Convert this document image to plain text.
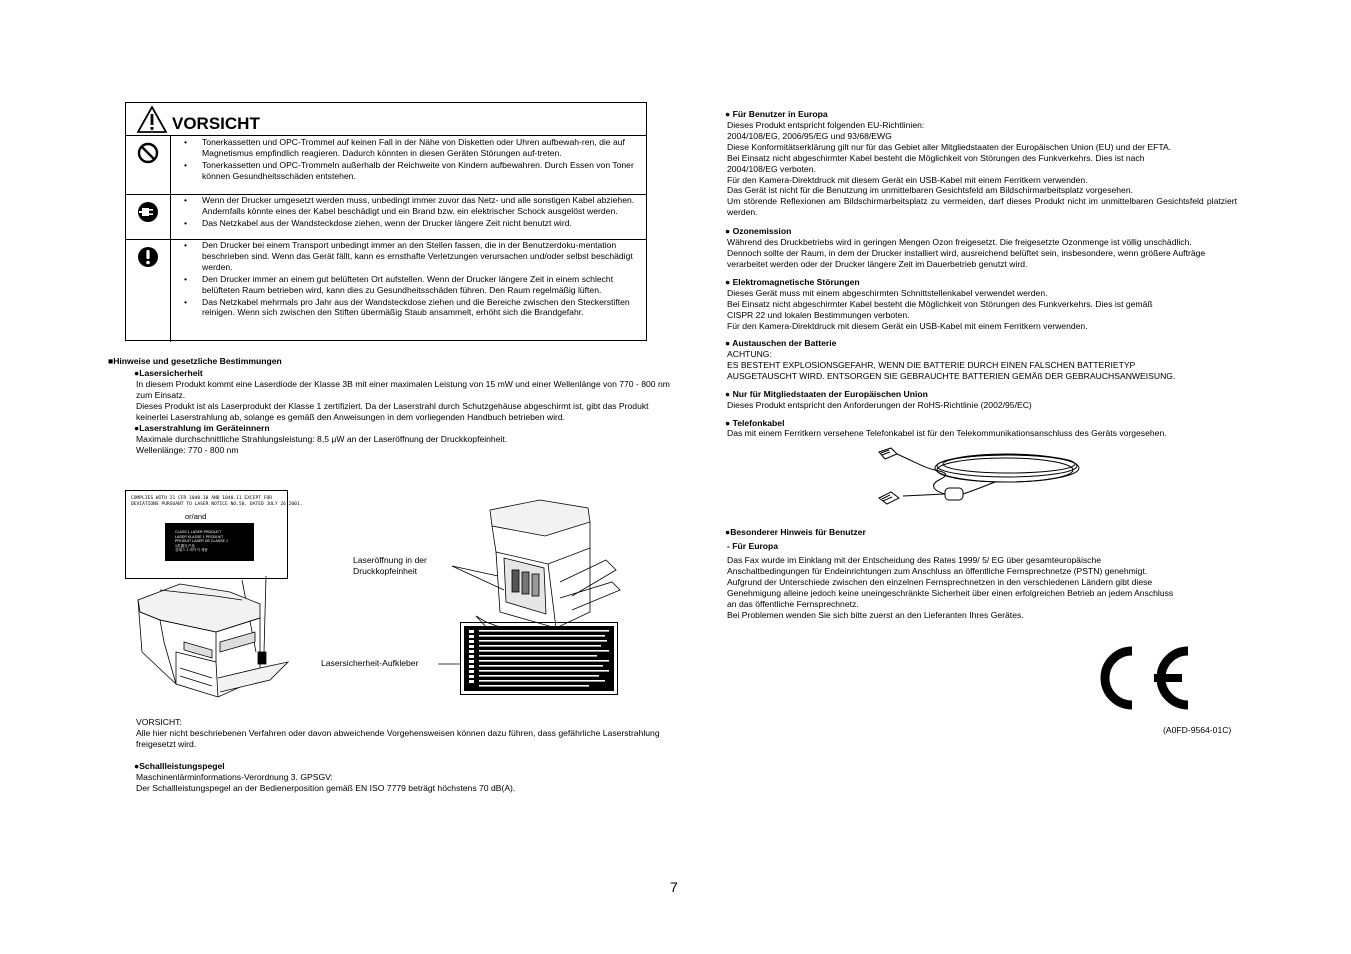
VORSICHT
• Tonerkassetten und OPC-Trommel auf keinen Fall in der Nähe von Disketten oder Uhren aufbewah-ren, die auf Magnetismus empfindlich reagieren. Dadurch könnten in diesen Geräten Störungen auf-treten.
• Tonerkassetten und OPC-Trommeln außerhalb der Reichweite von Kindern aufbewahren. Durch Essen von Toner können Gesundheitsschäden entstehen.
• Wenn der Drucker umgesetzt werden muss, unbedingt immer zuvor das Netz- und alle sonstigen Kabel abziehen. Andernfalls könnte eines der Kabel beschädigt und ein Brand bzw. ein elektrischer Schock ausgelöst werden.
• Das Netzkabel aus der Wandsteckdose ziehen, wenn der Drucker längere Zeit nicht benutzt wird.
• Den Drucker bei einem Transport unbedingt immer an den Stellen fassen, die in der Benutzerdoku-mentation beschrieben sind. Wenn das Gerät fällt, kann es ernsthafte Verletzungen verursachen und/oder selbst beschädigt werden.
• Den Drucker immer an einem gut belüfteten Ort aufstellen. Wenn der Drucker längere Zeit in einem schlecht belüfteten Raum betrieben wird, kann dies zu Gesundheitsschäden führen. Den Raum regelmäßig lüften.
• Das Netzkabel mehrmals pro Jahr aus der Wandsteckdose ziehen und die Bereiche zwischen den Steckerstiften reinigen. Wenn sich zwischen den Stiften übermäßig Staub ansammelt, erhöht sich die Brandgefahr.
■Hinweise und gesetzliche Bestimmungen
●Lasersicherheit

In diesem Produkt kommt eine Laserdiode der Klasse 3B mit einer maximalen Leistung von 15 mW und einer Wellenlänge von 770 - 800 nm zum Einsatz.

Dieses Produkt ist als Laserprodukt der Klasse 1 zertifiziert. Da der Laserstrahl durch Schutzgehäuse abgeschirmt ist, gibt das Produkt keinerlei Laserstrahlung ab, solange es gemäß den Anweisungen in dem vorliegenden Handbuch betrieben wird.

●Laserstrahlung im Geräteinnern

Maximale durchschnittliche Strahlungsleistung: 8,5 μW an der Laseröffnung der Druckkopfeinheit.

Wellenlänge: 770 - 800 nm

COMPLIES WITH 21 CFR 1040.10 AND 1040.11 EXCEPT FOR
DEVIATIONS PURSUANT TO LASER NOTICE NO.50, DATED JULY 26,2001.
or/and
CLASS 1 LASER PRODUCT
LASER KLASSE 1 PRODUKT
PRODUIT LASER DE CLASSE 1
1类激光产品
클래스 1 레이저 제품

Laseröffnung in der

Druckkopfeinheit

Lasersicherheit-Aufkleber
VORSICHT:
Alle hier nicht beschriebenen Verfahren oder davon abweichende Vorgehensweisen können dazu führen, dass gefährliche Laserstrahlung freigesetzt wird.
●Schallleistungspegel

Maschinenlärminformations-Verordnung 3. GPSGV:

Der Schallleistungspegel an der Bedienerposition gemäß EN ISO 7779 beträgt höchstens 70 dB(A).

● Für Benutzer in Europa

Dieses Produkt entspricht folgenden EU-Richtlinien:

2004/108/EG, 2006/95/EG und 93/68/EWG

Diese Konformitätserklärung gilt nur für das Gebiet aller Mitgliedstaaten der Europäischen Union (EU) und der EFTA.

Bei Einsatz nicht abgeschirmter Kabel besteht die Möglichkeit von Störungen des Funkverkehrs. Dies ist nach

2004/108/EG verboten.

Für den Kamera-Direktdruck mit diesem Gerät ein USB-Kabel mit einem Ferritkern verwenden.

Das Gerät ist nicht für die Benutzung im unmittelbaren Gesichtsfeld am Bildschirmarbeitsplatz vorgesehen.

Um störende Reflexionen am Bildschirmarbeitsplatz zu vermeiden, darf dieses Produkt nicht im unmittelbaren Gesichtsfeld platziert werden.

● Ozonemission
Während des Druckbetriebs wird in geringen Mengen Ozon freigesetzt. Die freigesetzte Ozonmenge ist völlig unschädlich. Dennoch sollte der Raum, in dem der Drucker installiert wird, ausreichend belüftet sein, insbesondere, wenn größere Aufträge verarbeitet werden oder der Drucker längere Zeit im Dauerbetrieb genutzt wird.
● Elektromagnetische Störungen

Dieses Gerät muss mit einem abgeschirmten Schnittstellenkabel verwendet werden.

Bei Einsatz nicht abgeschirmter Kabel besteht die Möglichkeit von Störungen des Funkverkehrs. Dies ist gemäß

CISPR 22 und lokalen Bestimmungen verboten.

Für den Kamera-Direktdruck mit diesem Gerät ein USB-Kabel mit einem Ferritkern verwenden.

● Austauschen der Batterie

ACHTUNG:

ES BESTEHT EXPLOSIONSGEFAHR, WENN DIE BATTERIE DURCH EINEN FALSCHEN BATTERIETYP

AUSGETAUSCHT WIRD. ENTSORGEN SIE GEBRAUCHTE BATTERIEN GEMÄß DER GEBRAUCHSANWEISUNG.

● Nur für Mitgliedstaaten der Europäischen Union
Dieses Produkt entspricht den Anforderungen der RoHS-Richtlinie (2002/95/EC)
● Telefonkabel
Das mit einem Ferritkern versehene Telefonkabel ist für den Telekommunikationsanschluss des Geräts vorgesehen.
●Besonderer Hinweis für Benutzer
- Für Europa

Das Fax wurde im Einklang mit der Entscheidung des Rates 1999/ 5/ EG über gesamteuropäische

Anschaltbedingungen für Endeinrichtungen zum Anschluss an öffentliche Fernsprechnetze (PSTN) genehmigt.

Aufgrund der Unterschiede zwischen den einzelnen Fernsprechnetzen in den verschiedenen Ländern gibt diese

Genehmigung alleine jedoch keine uneingeschränkte Sicherheit über einen erfolgreichen Betrieb an jedem Anschluss

an das öffentliche Fernsprechnetz.

Bei Problemen wenden Sie sich bitte zuerst an den Lieferanten Ihres Gerätes.

(A0FD-9564-01C)
7
